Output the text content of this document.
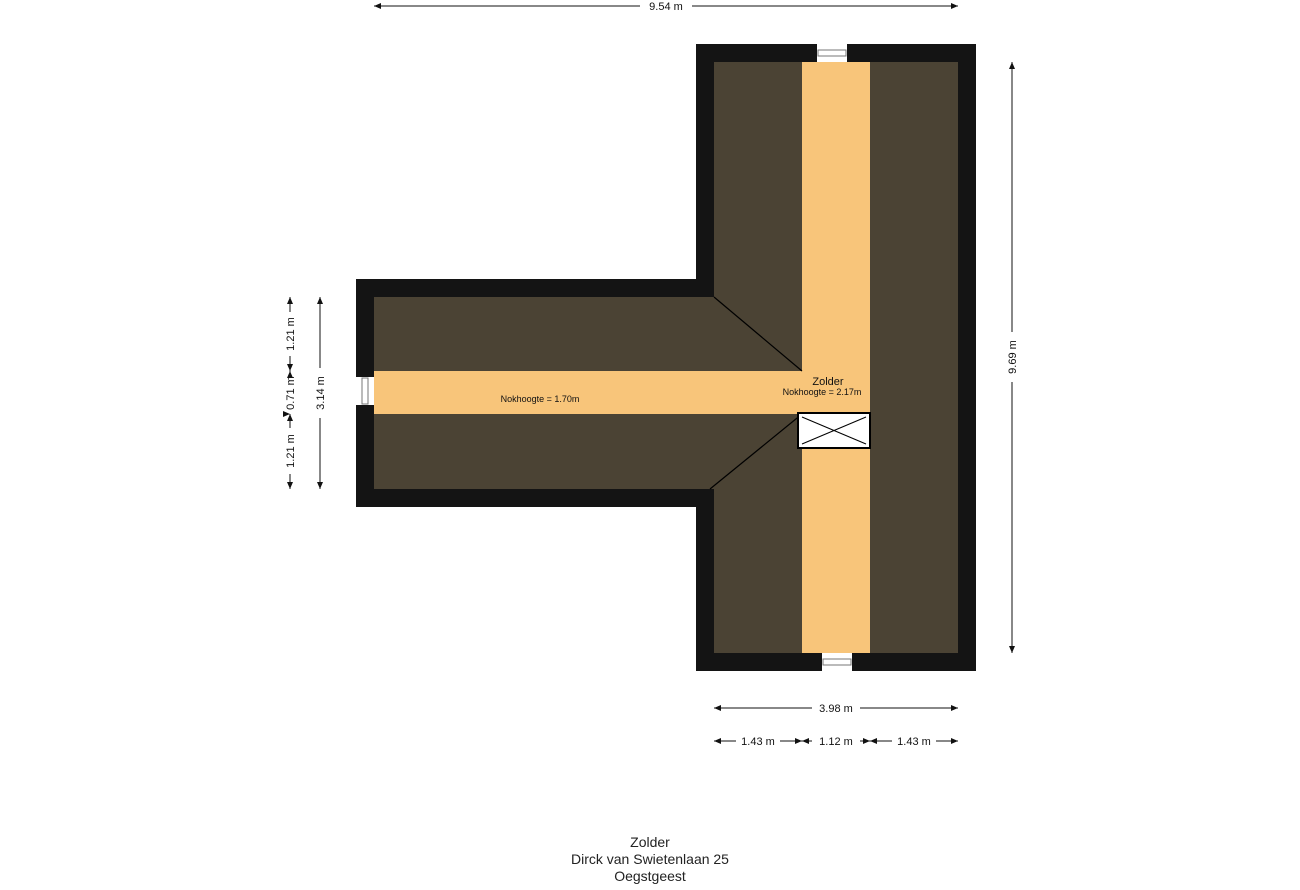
Zolder
Nokhoogte = 2.17m
Nokhoogte = 1.70m
9.54 m
9.69 m
3.98 m
1.43 m	1.12 m	1.43 m
3.14 m
1.21 m
0.71 m
1.21 m
Zolder
Dirck van Swietenlaan 25
Oegstgeest
